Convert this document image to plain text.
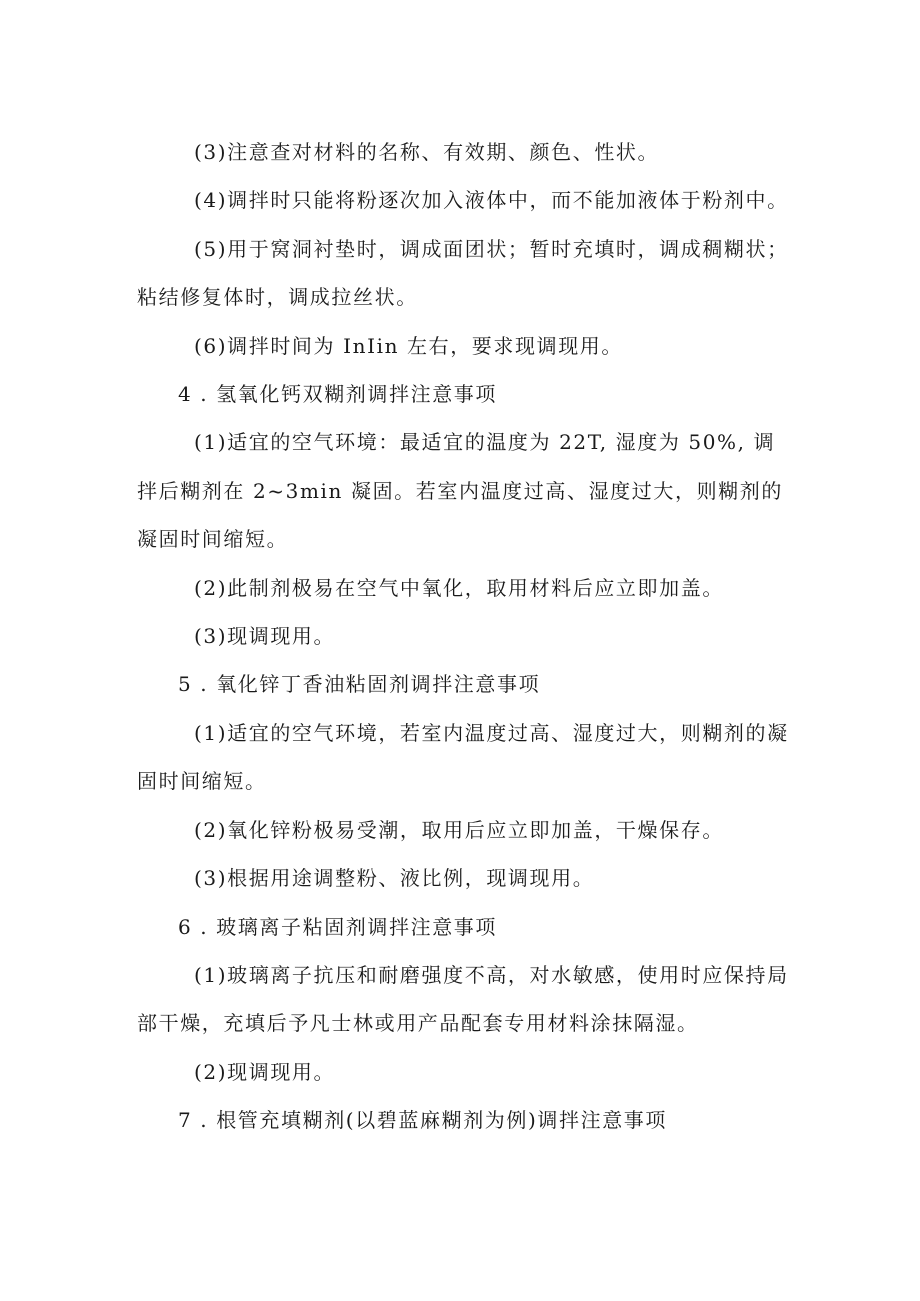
(3)注意查对材料的名称、有效期、颜色、性状。

(4)调拌时只能将粉逐次加入液体中，而不能加液体于粉剂中。

(5)用于窝洞衬垫时，调成面团状；暂时充填时，调成稠糊状；粘结修复体时，调成拉丝状。

(6)调拌时间为 InIin 左右，要求现调现用。

4 . 氢氧化钙双糊剂调拌注意事项

(1)适宜的空气环境：最适宜的温度为 22T, 湿度为 50%, 调拌后糊剂在 2~3min 凝固。若室内温度过高、湿度过大，则糊剂的凝固时间缩短。

(2)此制剂极易在空气中氧化，取用材料后应立即加盖。

(3)现调现用。

5 . 氧化锌丁香油粘固剂调拌注意事项

(1)适宜的空气环境，若室内温度过高、湿度过大，则糊剂的凝固时间缩短。

(2)氧化锌粉极易受潮，取用后应立即加盖，干燥保存。

(3)根据用途调整粉、液比例，现调现用。

6 . 玻璃离子粘固剂调拌注意事项

(1)玻璃离子抗压和耐磨强度不高，对水敏感，使用时应保持局部干燥，充填后予凡士林或用产品配套专用材料涂抹隔湿。

(2)现调现用。

7 . 根管充填糊剂(以碧蓝麻糊剂为例)调拌注意事项
